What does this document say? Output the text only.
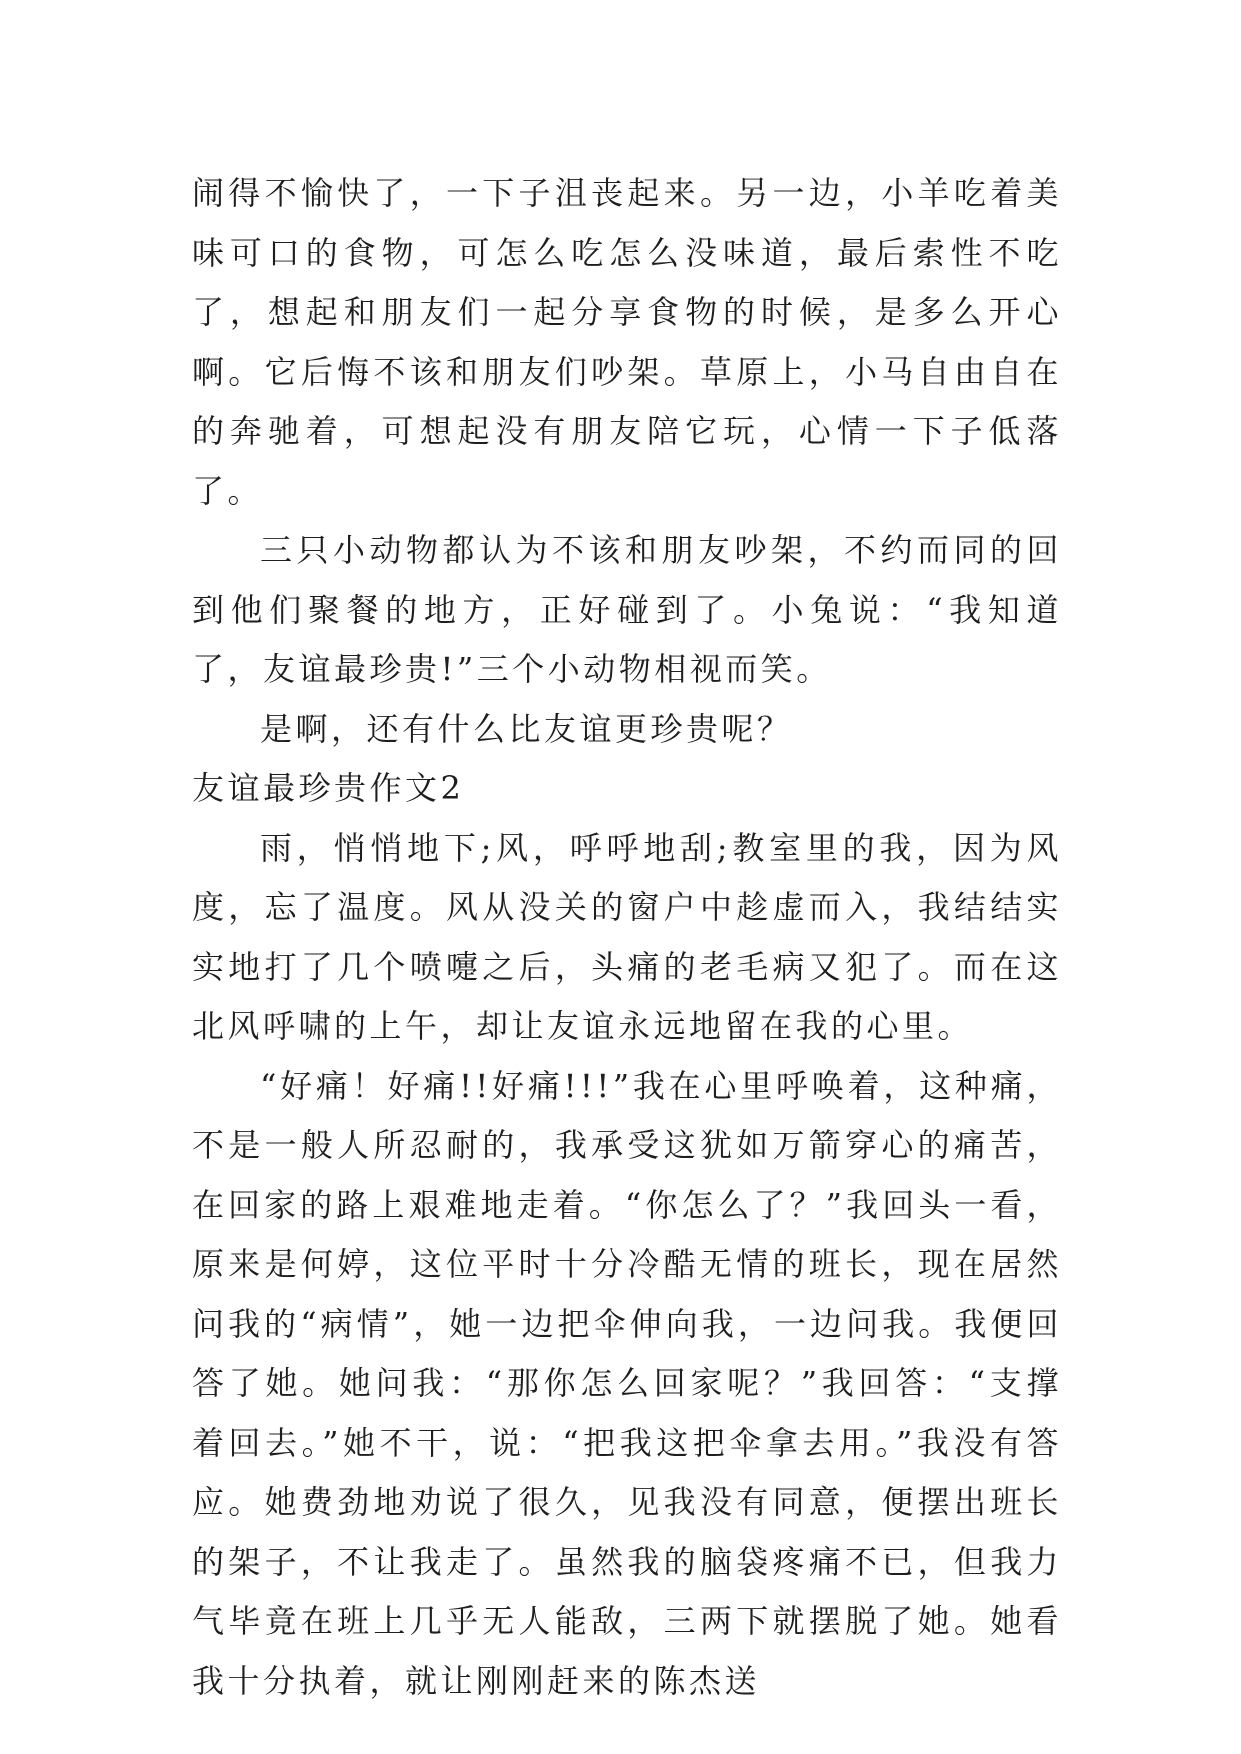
闹得不愉快了，一下子沮丧起来。另一边，小羊吃着美味可口的食物，可怎么吃怎么没味道，最后索性不吃了，想起和朋友们一起分享食物的时候，是多么开心啊。它后悔不该和朋友们吵架。草原上，小马自由自在的奔驰着，可想起没有朋友陪它玩，心情一下子低落了。

三只小动物都认为不该和朋友吵架，不约而同的回到他们聚餐的地方，正好碰到了。小兔说：“我知道了，友谊最珍贵!”三个小动物相视而笑。

是啊，还有什么比友谊更珍贵呢？

友谊最珍贵作文2

雨，悄悄地下;风，呼呼地刮;教室里的我，因为风度，忘了温度。风从没关的窗户中趁虚而入，我结结实实地打了几个喷嚏之后，头痛的老毛病又犯了。而在这北风呼啸的上午，却让友谊永远地留在我的心里。

“好痛！好痛!!好痛!!!”我在心里呼唤着，这种痛，不是一般人所忍耐的，我承受这犹如万箭穿心的痛苦，在回家的路上艰难地走着。“你怎么了？”我回头一看，原来是何婷，这位平时十分冷酷无情的班长，现在居然问我的“病情”，她一边把伞伸向我，一边问我。我便回答了她。她问我：“那你怎么回家呢？”我回答：“支撑着回去。”她不干，说：“把我这把伞拿去用。”我没有答应。她费劲地劝说了很久，见我没有同意，便摆出班长的架子，不让我走了。虽然我的脑袋疼痛不已，但我力气毕竟在班上几乎无人能敌，三两下就摆脱了她。她看我十分执着，就让刚刚赶来的陈杰送
